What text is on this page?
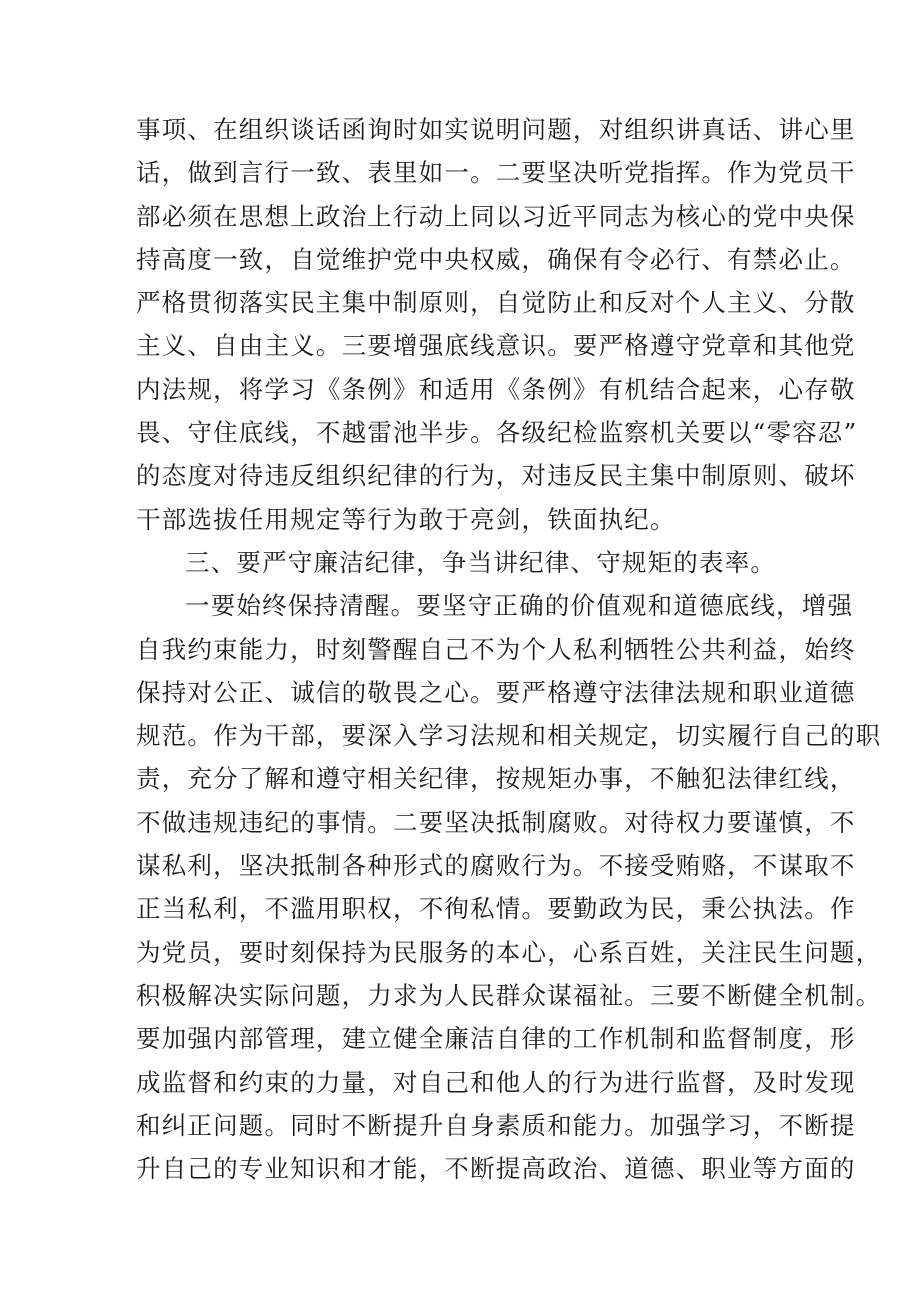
事项、在组织谈话函询时如实说明问题，对组织讲真话、讲心里
话，做到言行一致、表里如一。二要坚决听党指挥。作为党员干
部必须在思想上政治上行动上同以习近平同志为核心的党中央保
持高度一致，自觉维护党中央权威，确保有令必行、有禁必止。
严格贯彻落实民主集中制原则，自觉防止和反对个人主义、分散
主义、自由主义。三要增强底线意识。要严格遵守党章和其他党
内法规，将学习《条例》和适用《条例》有机结合起来，心存敬
畏、守住底线，不越雷池半步。各级纪检监察机关要以“零容忍”
的态度对待违反组织纪律的行为，对违反民主集中制原则、破坏
干部选拔任用规定等行为敢于亮剑，铁面执纪。
三、要严守廉洁纪律，争当讲纪律、守规矩的表率。
一要始终保持清醒。要坚守正确的价值观和道德底线，增强
自我约束能力，时刻警醒自己不为个人私利牺牲公共利益，始终
保持对公正、诚信的敬畏之心。要严格遵守法律法规和职业道德
规范。作为干部，要深入学习法规和相关规定，切实履行自己的职
责，充分了解和遵守相关纪律，按规矩办事，不触犯法律红线，
不做违规违纪的事情。二要坚决抵制腐败。对待权力要谨慎，不
谋私利，坚决抵制各种形式的腐败行为。不接受贿赂，不谋取不
正当私利，不滥用职权，不徇私情。要勤政为民，秉公执法。作
为党员，要时刻保持为民服务的本心，心系百姓，关注民生问题，
积极解决实际问题，力求为人民群众谋福祉。三要不断健全机制。
要加强内部管理，建立健全廉洁自律的工作机制和监督制度，形
成监督和约束的力量，对自己和他人的行为进行监督，及时发现
和纠正问题。同时不断提升自身素质和能力。加强学习，不断提
升自己的专业知识和才能，不断提高政治、道德、职业等方面的
